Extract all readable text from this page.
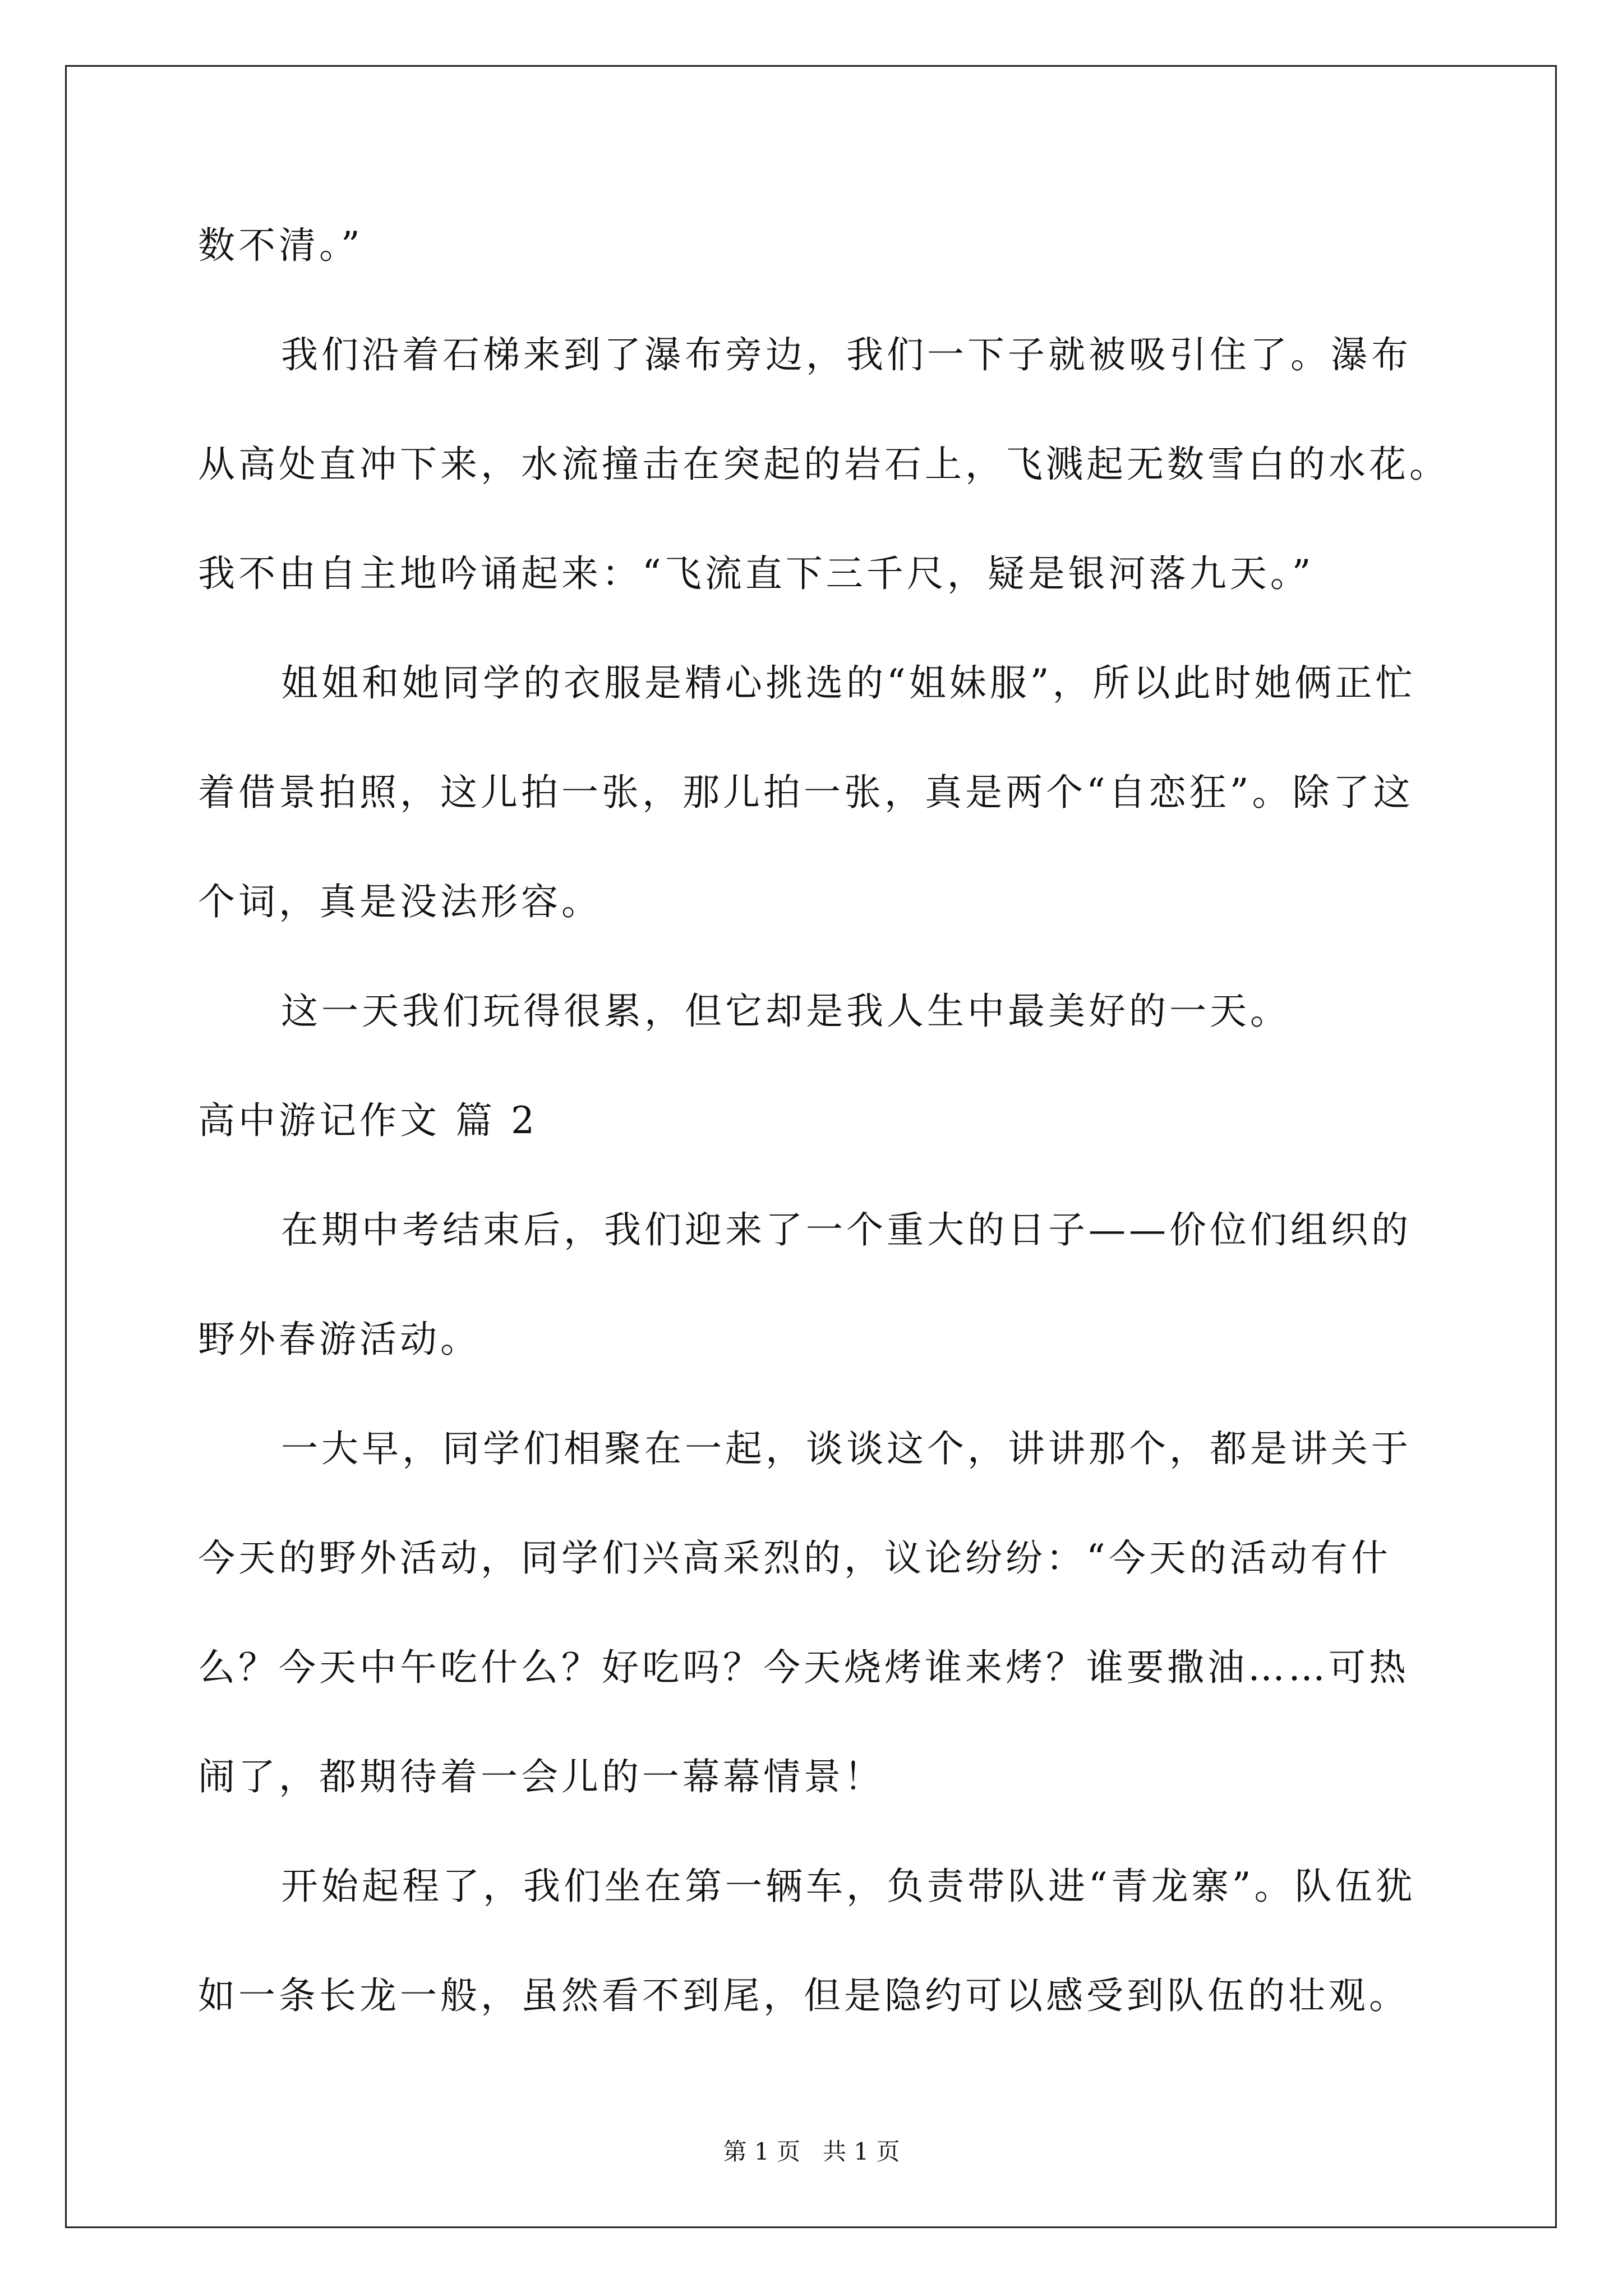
数不清。”

我们沿着石梯来到了瀑布旁边，我们一下子就被吸引住了。瀑布

从高处直冲下来，水流撞击在突起的岩石上，飞溅起无数雪白的水花。

我不由自主地吟诵起来：“飞流直下三千尺，疑是银河落九天。”

姐姐和她同学的衣服是精心挑选的“姐妹服”，所以此时她俩正忙

着借景拍照，这儿拍一张，那儿拍一张，真是两个“自恋狂”。除了这

个词，真是没法形容。

这一天我们玩得很累，但它却是我人生中最美好的一天。

高中游记作文 篇 2

在期中考结束后，我们迎来了一个重大的日子——价位们组织的

野外春游活动。

一大早，同学们相聚在一起，谈谈这个，讲讲那个，都是讲关于

今天的野外活动，同学们兴高采烈的，议论纷纷：“今天的活动有什

么？今天中午吃什么？好吃吗？今天烧烤谁来烤？谁要撒油……可热

闹了，都期待着一会儿的一幕幕情景！

开始起程了，我们坐在第一辆车，负责带队进“青龙寨”。队伍犹

如一条长龙一般，虽然看不到尾，但是隐约可以感受到队伍的壮观。

第 1 页   共 1 页
